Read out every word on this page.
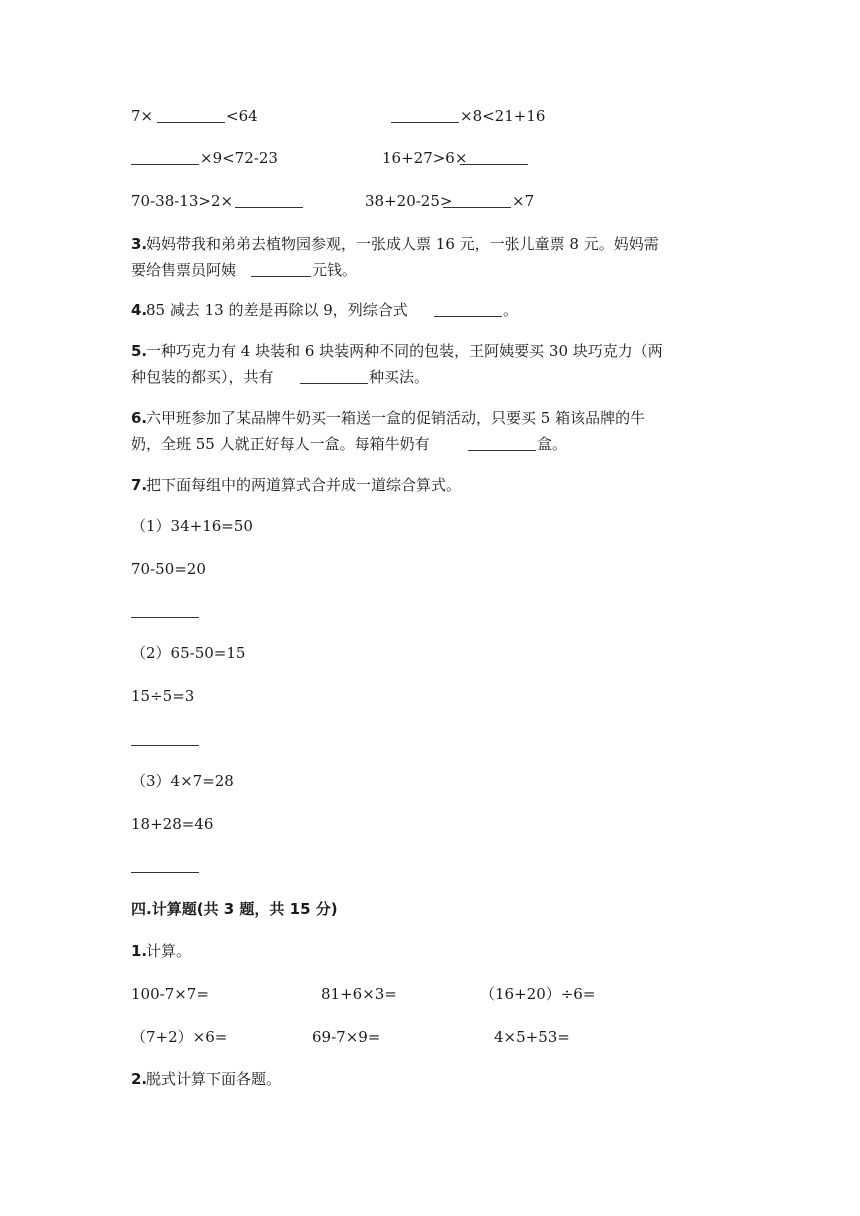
7×	<64	×8<21+16
×9<72-23	16+27>6×
70-38-13>2×	38+20-25>	×7
3.
妈妈带我和弟弟去植物园参观，一张成人票 16 元，一张儿童票 8 元。妈妈需
要给售票员阿姨	元钱。
4.
85 减去 13 的差是再除以 9，列综合式	。
5.
一种巧克力有 4 块装和 6 块装两种不同的包装，王阿姨要买 30 块巧克力（两
种包装的都买），共有	种买法。
6.
六甲班参加了某品牌牛奶买一箱送一盒的促销活动，只要买 5 箱该品牌的牛
奶，全班 55 人就正好每人一盒。每箱牛奶有	盒。
7.
把下面每组中的两道算式合并成一道综合算式。
（1）34+16=50
70-50=20
（2）65-50=15
15÷5=3
（3）4×7=28
18+28=46
四.计算题(共 3 题，共 15 分)
1.
计算。
100-7×7=	81+6×3=	（16+20）÷6=
（7+2）×6=	69-7×9=	4×5+53=
2.
脱式计算下面各题。
